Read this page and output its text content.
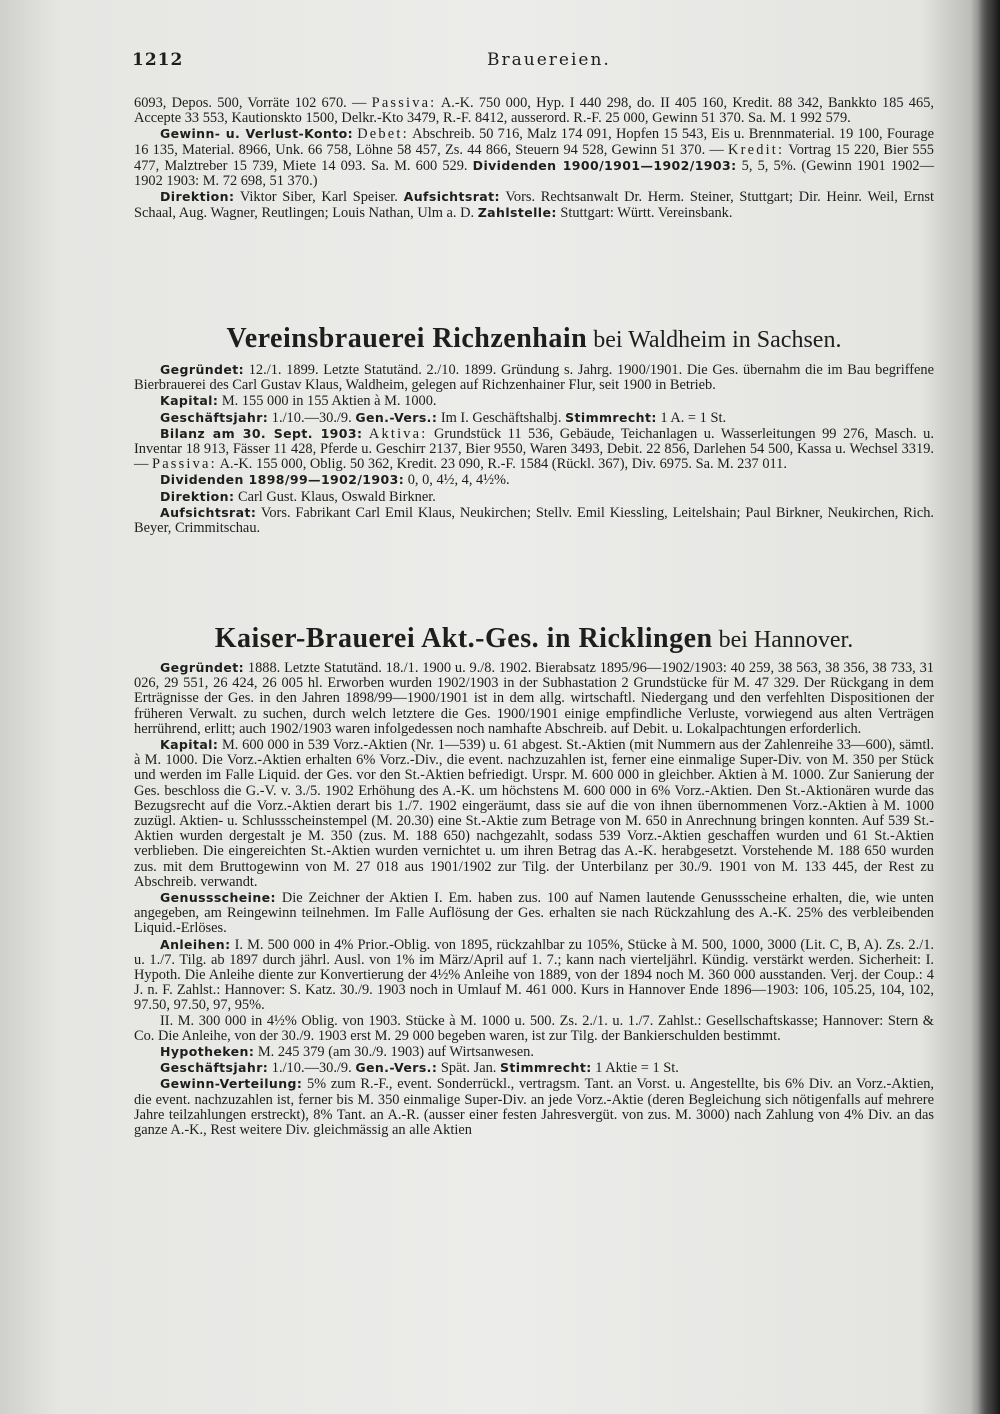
1212	Brauereien.

6093, Depos. 500, Vorräte 102 670. — Passiva: A.-K. 750 000, Hyp. I 440 298, do. II 405 160, Kredit. 88 342, Bankkto 185 465, Accepte 33 553, Kautionskto 1500, Delkr.-Kto 3479, R.-F. 8412, ausserord. R.-F. 25 000, Gewinn 51 370. Sa. M. 1 992 579.

Gewinn- u. Verlust-Konto: Debet: Abschreib. 50 716, Malz 174 091, Hopfen 15 543, Eis u. Brennmaterial. 19 100, Fourage 16 135, Material. 8966, Unk. 66 758, Löhne 58 457, Zs. 44 866, Steuern 94 528, Gewinn 51 370. — Kredit: Vortrag 15 220, Bier 555 477, Malztreber 15 739, Miete 14 093. Sa. M. 600 529. Dividenden 1900/1901—1902/1903: 5, 5, 5%. (Gewinn 1901 1902—1902 1903: M. 72 698, 51 370.)

Direktion: Viktor Siber, Karl Speiser. Aufsichtsrat: Vors. Rechtsanwalt Dr. Herm. Steiner, Stuttgart; Dir. Heinr. Weil, Ernst Schaal, Aug. Wagner, Reutlingen; Louis Nathan, Ulm a. D. Zahlstelle: Stuttgart: Württ. Vereinsbank.

Vereinsbrauerei Richzenhain bei Waldheim in Sachsen.

Gegründet: 12./1. 1899. Letzte Statutänd. 2./10. 1899. Gründung s. Jahrg. 1900/1901. Die Ges. übernahm die im Bau begriffene Bierbrauerei des Carl Gustav Klaus, Waldheim, gelegen auf Richzenhainer Flur, seit 1900 in Betrieb.

Kapital: M. 155 000 in 155 Aktien à M. 1000.

Geschäftsjahr: 1./10.—30./9. Gen.-Vers.: Im I. Geschäftshalbj. Stimmrecht: 1 A. = 1 St.

Bilanz am 30. Sept. 1903: Aktiva: Grundstück 11 536, Gebäude, Teichanlagen u. Wasserleitungen 99 276, Masch. u. Inventar 18 913, Fässer 11 428, Pferde u. Geschirr 2137, Bier 9550, Waren 3493, Debit. 22 856, Darlehen 54 500, Kassa u. Wechsel 3319. — Passiva: A.-K. 155 000, Oblig. 50 362, Kredit. 23 090, R.-F. 1584 (Rückl. 367), Div. 6975. Sa. M. 237 011.

Dividenden 1898/99—1902/1903: 0, 0, 4½, 4, 4½%.

Direktion: Carl Gust. Klaus, Oswald Birkner.

Aufsichtsrat: Vors. Fabrikant Carl Emil Klaus, Neukirchen; Stellv. Emil Kiessling, Leitelshain; Paul Birkner, Neukirchen, Rich. Beyer, Crimmitschau.

Kaiser-Brauerei Akt.-Ges. in Ricklingen bei Hannover.

Gegründet: 1888. Letzte Statutänd. 18./1. 1900 u. 9./8. 1902. Bierabsatz 1895/96—1902/1903: 40 259, 38 563, 38 356, 38 733, 31 026, 29 551, 26 424, 26 005 hl. Erworben wurden 1902/1903 in der Subhastation 2 Grundstücke für M. 47 329. Der Rückgang in dem Erträgnisse der Ges. in den Jahren 1898/99—1900/1901 ist in dem allg. wirtschaftl. Niedergang und den verfehlten Dispositionen der früheren Verwalt. zu suchen, durch welch letztere die Ges. 1900/1901 einige empfindliche Verluste, vorwiegend aus alten Verträgen herrührend, erlitt; auch 1902/1903 waren infolgedessen noch namhafte Abschreib. auf Debit. u. Lokalpachtungen erforderlich.

Kapital: M. 600 000 in 539 Vorz.-Aktien (Nr. 1—539) u. 61 abgest. St.-Aktien (mit Nummern aus der Zahlenreihe 33—600), sämtl. à M. 1000. Die Vorz.-Aktien erhalten 6% Vorz.-Div., die event. nachzuzahlen ist, ferner eine einmalige Super-Div. von M. 350 per Stück und werden im Falle Liquid. der Ges. vor den St.-Aktien befriedigt. Urspr. M. 600 000 in gleichber. Aktien à M. 1000. Zur Sanierung der Ges. beschloss die G.-V. v. 3./5. 1902 Erhöhung des A.-K. um höchstens M. 600 000 in 6% Vorz.-Aktien. Den St.-Aktionären wurde das Bezugsrecht auf die Vorz.-Aktien derart bis 1./7. 1902 eingeräumt, dass sie auf die von ihnen übernommenen Vorz.-Aktien à M. 1000 zuzügl. Aktien- u. Schlussscheinstempel (M. 20.30) eine St.-Aktie zum Betrage von M. 650 in Anrechnung bringen konnten. Auf 539 St.-Aktien wurden dergestalt je M. 350 (zus. M. 188 650) nachgezahlt, sodass 539 Vorz.-Aktien geschaffen wurden und 61 St.-Aktien verblieben. Die eingereichten St.-Aktien wurden vernichtet u. um ihren Betrag das A.-K. herabgesetzt. Vorstehende M. 188 650 wurden zus. mit dem Bruttogewinn von M. 27 018 aus 1901/1902 zur Tilg. der Unterbilanz per 30./9. 1901 von M. 133 445, der Rest zu Abschreib. verwandt.

Genussscheine: Die Zeichner der Aktien I. Em. haben zus. 100 auf Namen lautende Genussscheine erhalten, die, wie unten angegeben, am Reingewinn teilnehmen. Im Falle Auflösung der Ges. erhalten sie nach Rückzahlung des A.-K. 25% des verbleibenden Liquid.-Erlöses.

Anleihen: I. M. 500 000 in 4% Prior.-Oblig. von 1895, rückzahlbar zu 105%, Stücke à M. 500, 1000, 3000 (Lit. C, B, A). Zs. 2./1. u. 1./7. Tilg. ab 1897 durch jährl. Ausl. von 1% im März/April auf 1. 7.; kann nach vierteljährl. Kündig. verstärkt werden. Sicherheit: I. Hypoth. Die Anleihe diente zur Konvertierung der 4½% Anleihe von 1889, von der 1894 noch M. 360 000 ausstanden. Verj. der Coup.: 4 J. n. F. Zahlst.: Hannover: S. Katz. 30./9. 1903 noch in Umlauf M. 461 000. Kurs in Hannover Ende 1896—1903: 106, 105.25, 104, 102, 97.50, 97.50, 97, 95%.

II. M. 300 000 in 4½% Oblig. von 1903. Stücke à M. 1000 u. 500. Zs. 2./1. u. 1./7. Zahlst.: Gesellschaftskasse; Hannover: Stern & Co. Die Anleihe, von der 30./9. 1903 erst M. 29 000 begeben waren, ist zur Tilg. der Bankierschulden bestimmt.

Hypotheken: M. 245 379 (am 30./9. 1903) auf Wirtsanwesen.

Geschäftsjahr: 1./10.—30./9. Gen.-Vers.: Spät. Jan. Stimmrecht: 1 Aktie = 1 St.

Gewinn-Verteilung: 5% zum R.-F., event. Sonderrückl., vertragsm. Tant. an Vorst. u. Angestellte, bis 6% Div. an Vorz.-Aktien, die event. nachzuzahlen ist, ferner bis M. 350 einmalige Super-Div. an jede Vorz.-Aktie (deren Begleichung sich nötigenfalls auf mehrere Jahre teilzahlungen erstreckt), 8% Tant. an A.-R. (ausser einer festen Jahresvergüt. von zus. M. 3000) nach Zahlung von 4% Div. an das ganze A.-K., Rest weitere Div. gleichmässig an alle Aktien
